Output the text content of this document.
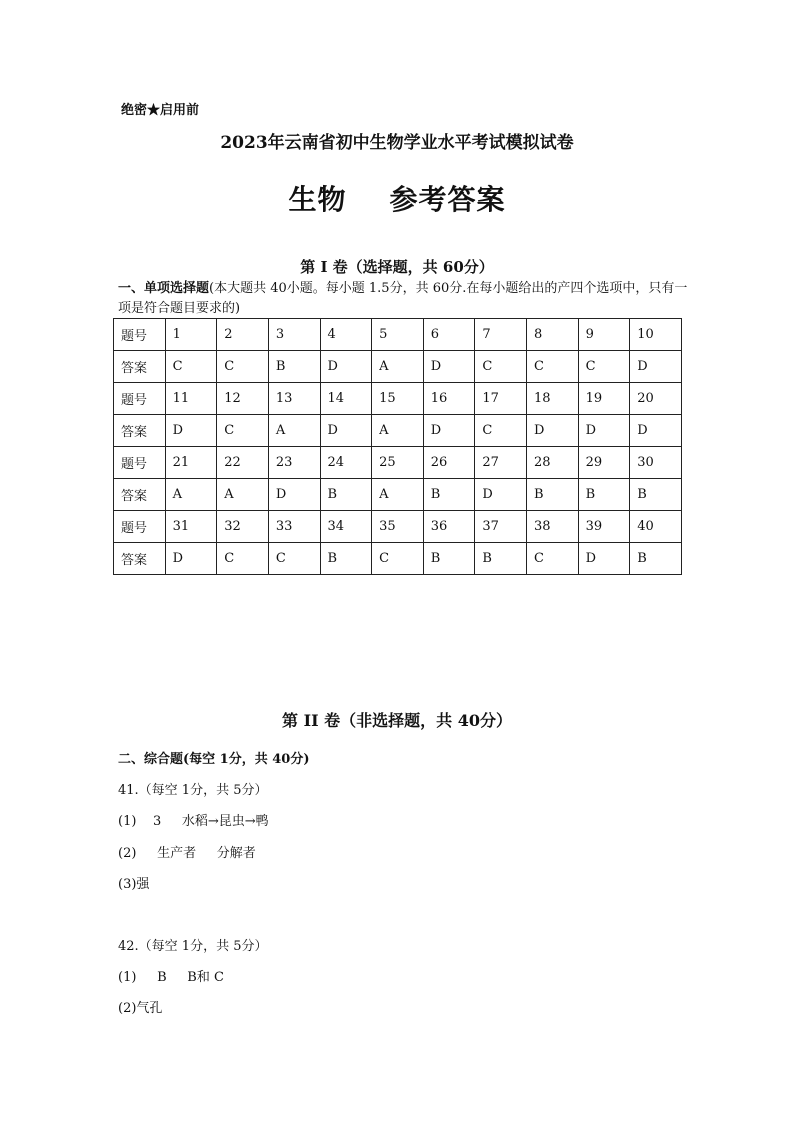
绝密★启用前
2023年云南省初中生物学业水平考试模拟试卷
生物    参考答案
第 I 卷（选择题，共 60分）
一、单项选择题(本大题共 40小题。每小题 1.5分，共 60分.在每小题给出的产四个选项中，只有一项是符合题目要求的)
题号	1	2	3	4	5	6	7	8	9	10
答案	C	C	B	D	A	D	C	C	C	D
题号	11	12	13	14	15	16	17	18	19	20
答案	D	C	A	D	A	D	C	D	D	D
题号	21	22	23	24	25	26	27	28	29	30
答案	A	A	D	B	A	B	D	B	B	B
题号	31	32	33	34	35	36	37	38	39	40
答案	D	C	C	B	C	B	B	C	D	B
第 II 卷（非选择题，共 40分）
二、综合题(每空 1分，共 40分)
41.（每空 1分，共 5分）
(1)    3     水稻→昆虫→鸭
(2)     生产者     分解者
(3)强
42.（每空 1分，共 5分）
(1)     B     B和 C
(2)气孔
